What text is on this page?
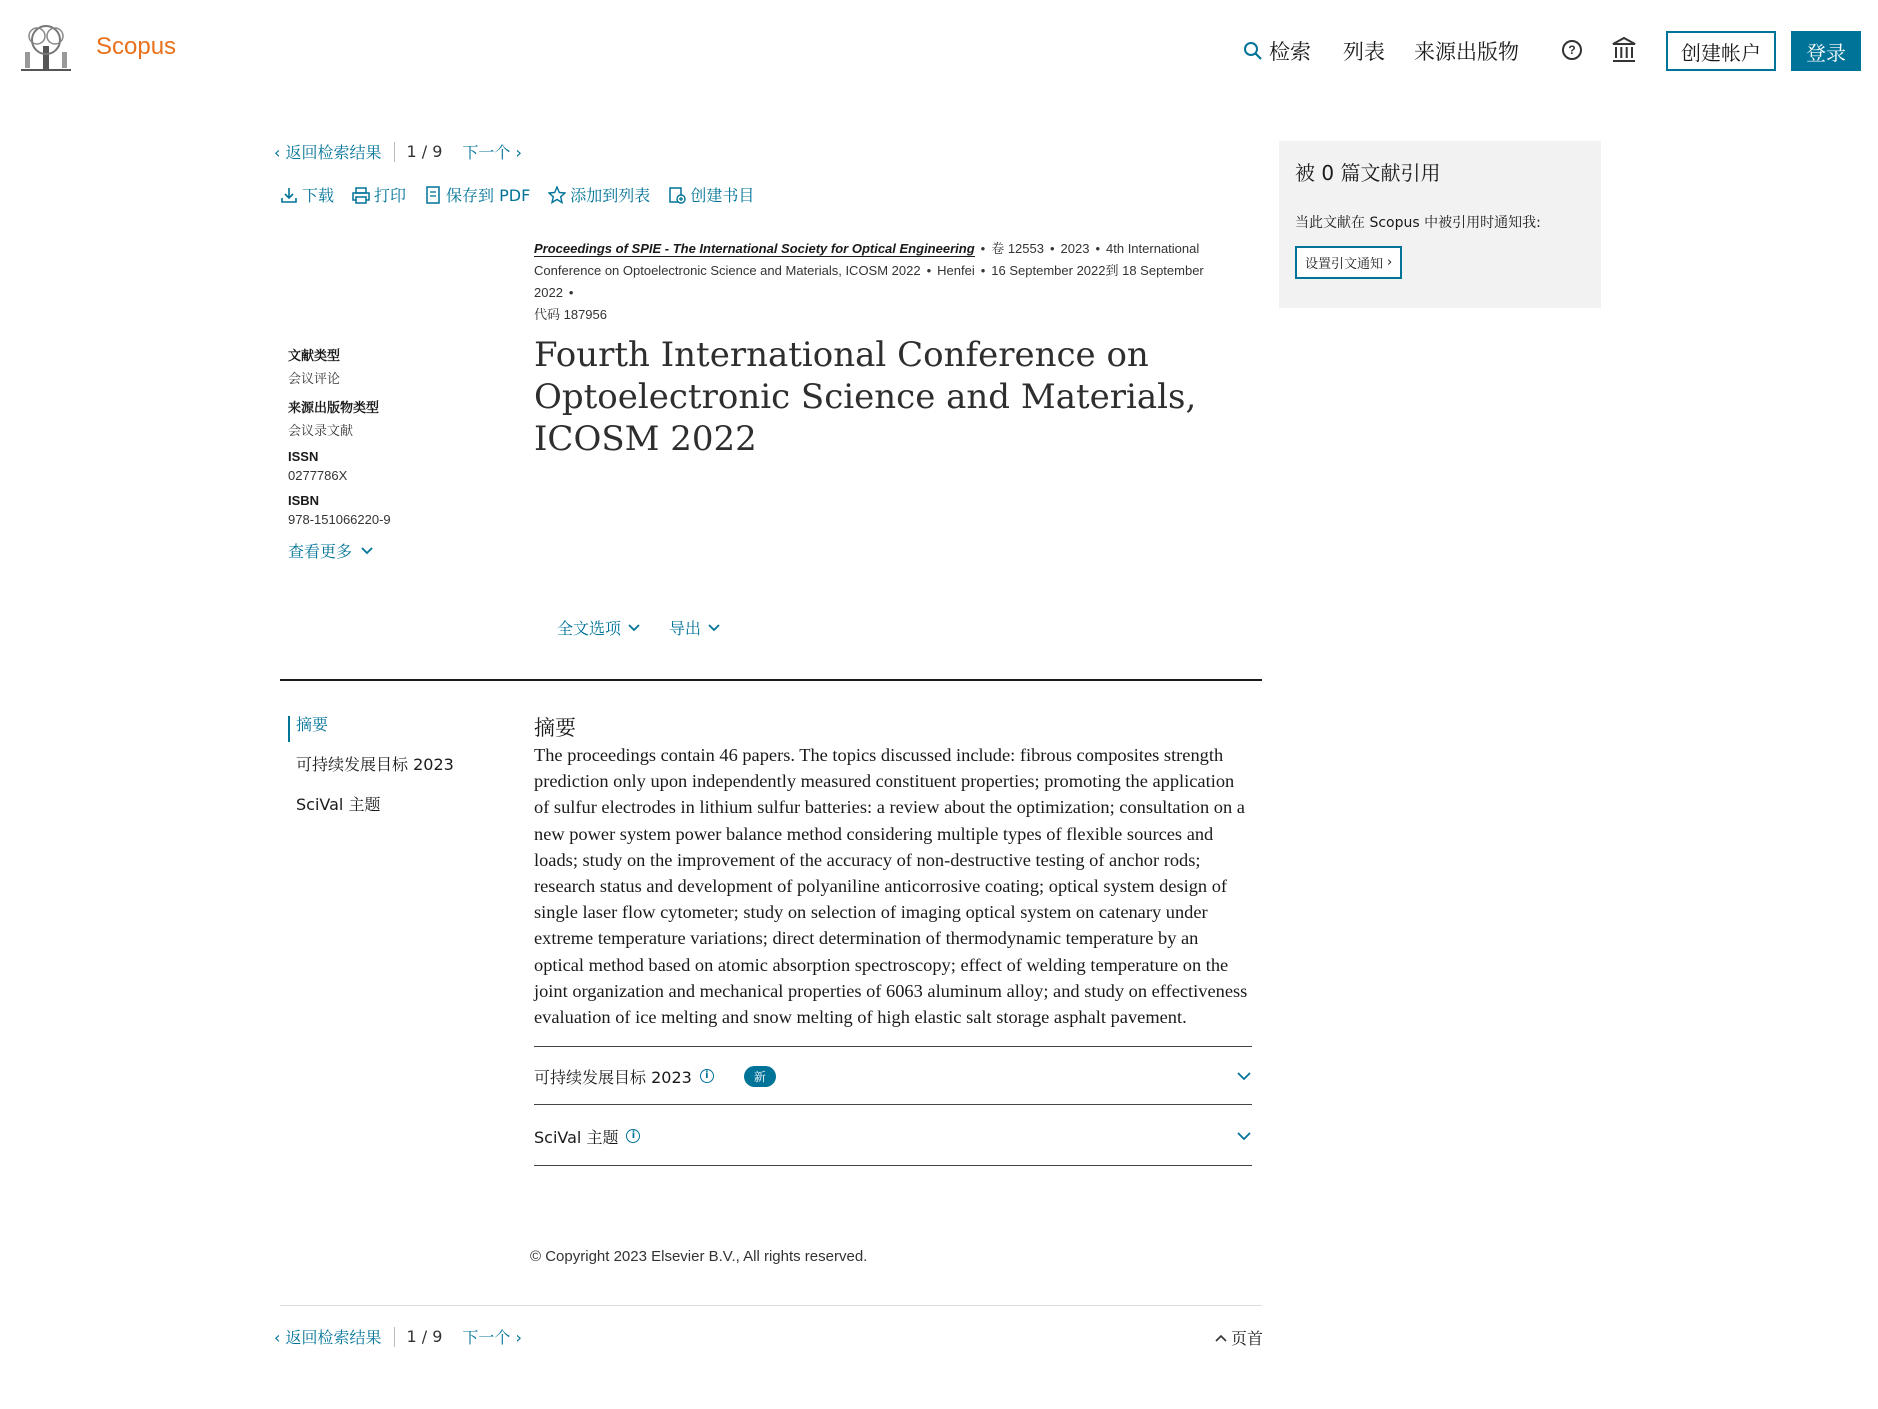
Scopus	检索 列表 来源出版物	?	创建帐户	登录
‹ 返回检索结果 1 / 9 下一个 ›
下载	打印	保存到 PDF	添加到列表	创建书目
Proceedings of SPIE - The International Society for Optical Engineering • 卷 12553 • 2023 • 4th International Conference on Optoelectronic Science and Materials, ICOSM 2022 • Henfei • 16 September 2022到 18 September 2022 •
代码 187956
文献类型
会议评论
来源出版物类型
会议录文献
ISSN
0277786X
ISBN
978-151066220-9
查看更多
Fourth International Conference on Optoelectronic Science and Materials, ICOSM 2022
全文选项	导出
摘要
可持续发展目标 2023
SciVal 主题
摘要

The proceedings contain 46 papers. The topics discussed include: fibrous composites strength prediction only upon independently measured constituent properties; promoting the application of sulfur electrodes in lithium sulfur batteries: a review about the optimization; consultation on a new power system power balance method considering multiple types of flexible sources and loads; study on the improvement of the accuracy of non-destructive testing of anchor rods; research status and development of polyaniline anticorrosive coating; optical system design of single laser flow cytometer; study on selection of imaging optical system on catenary under extreme temperature variations; direct determination of thermodynamic temperature by an optical method based on atomic absorption spectroscopy; effect of welding temperature on the joint organization and mechanical properties of 6063 aluminum alloy; and study on effectiveness evaluation of ice melting and snow melting of high elastic salt storage asphalt pavement.

可持续发展目标 2023	i	新
SciVal 主题	i
© Copyright 2023 Elsevier B.V., All rights reserved.
‹ 返回检索结果 1 / 9 下一个 ›	页首
被 0 篇文献引用
当此文献在 Scopus 中被引用时通知我:
设置引文通知 ›
